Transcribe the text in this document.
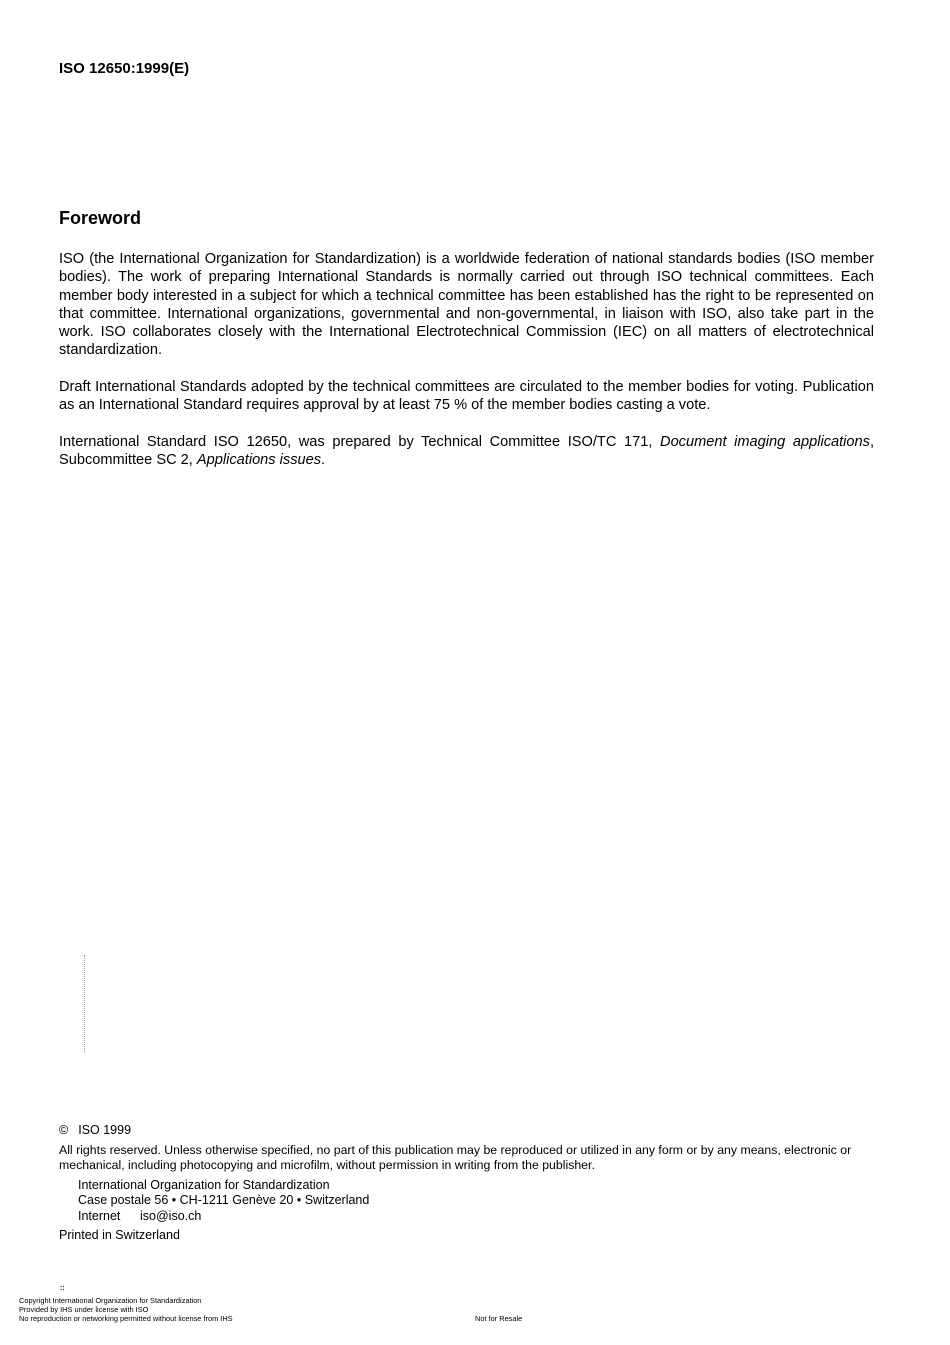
ISO 12650:1999(E)
Foreword

ISO (the International Organization for Standardization) is a worldwide federation of national standards bodies (ISO member bodies). The work of preparing International Standards is normally carried out through ISO technical committees. Each member body interested in a subject for which a technical committee has been established has the right to be represented on that committee. International organizations, governmental and non-governmental, in liaison with ISO, also take part in the work. ISO collaborates closely with the International Electrotechnical Commission (IEC) on all matters of electrotechnical standardization.

Draft International Standards adopted by the technical committees are circulated to the member bodies for voting. Publication as an International Standard requires approval by at least 75 % of the member bodies casting a vote.

International Standard ISO 12650, was prepared by Technical Committee ISO/TC 171, Document imaging applications, Subcommittee SC 2, Applications issues.

© ISO 1999

All rights reserved. Unless otherwise specified, no part of this publication may be reproduced or utilized in any form or by any means, electronic or mechanical, including photocopying and microfilm, without permission in writing from the publisher.

International Organization for Standardization
Case postale 56 • CH-1211 Genève 20 • Switzerland
Internet iso@iso.ch
Printed in Switzerland
::
Copyright International Organization for Standardization
Provided by IHS under license with ISO
No reproduction or networking permitted without license from IHS	Not for Resale
